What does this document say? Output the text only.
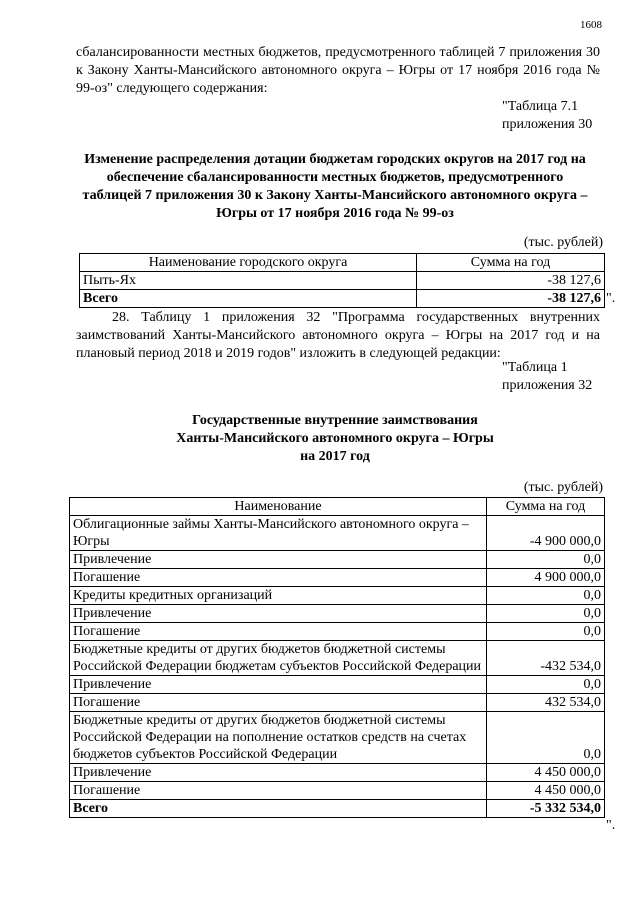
1608
сбалансированности местных бюджетов, предусмотренного таблицей 7 приложения 30 к Закону Ханты-Мансийского автономного округа – Югры от 17 ноября 2016 года № 99-оз" следующего содержания:
"Таблица 7.1
приложения 30
Изменение распределения дотации бюджетам городских округов на 2017 год на обеспечение сбалансированности местных бюджетов, предусмотренного таблицей 7 приложения 30 к Закону Ханты-Мансийского автономного округа – Югры от 17 ноября 2016 года № 99-оз
(тыс. рублей)
Наименование городского округа	Сумма на год
Пыть-Ях	-38 127,6
Всего	-38 127,6 ".
28. Таблицу 1 приложения 32 "Программа государственных внутренних заимствований Ханты-Мансийского автономного округа – Югры на 2017 год и на плановый период 2018 и 2019 годов" изложить в следующей редакции:
"Таблица 1
приложения 32
Государственные внутренние заимствования
Ханты-Мансийского автономного округа – Югры
на 2017 год
(тыс. рублей)
Наименование	Сумма на год
Облигационные займы Ханты-Мансийского автономного округа – Югры	-4 900 000,0
Привлечение	0,0
Погашение	4 900 000,0
Кредиты кредитных организаций	0,0
Привлечение	0,0
Погашение	0,0
Бюджетные кредиты от других бюджетов бюджетной системы Российской Федерации бюджетам субъектов Российской Федерации	-432 534,0
Привлечение	0,0
Погашение	432 534,0
Бюджетные кредиты от других бюджетов бюджетной системы Российской Федерации на пополнение остатков средств на счетах бюджетов субъектов Российской Федерации	0,0
Привлечение	4 450 000,0
Погашение	4 450 000,0
Всего	-5 332 534,0
".
